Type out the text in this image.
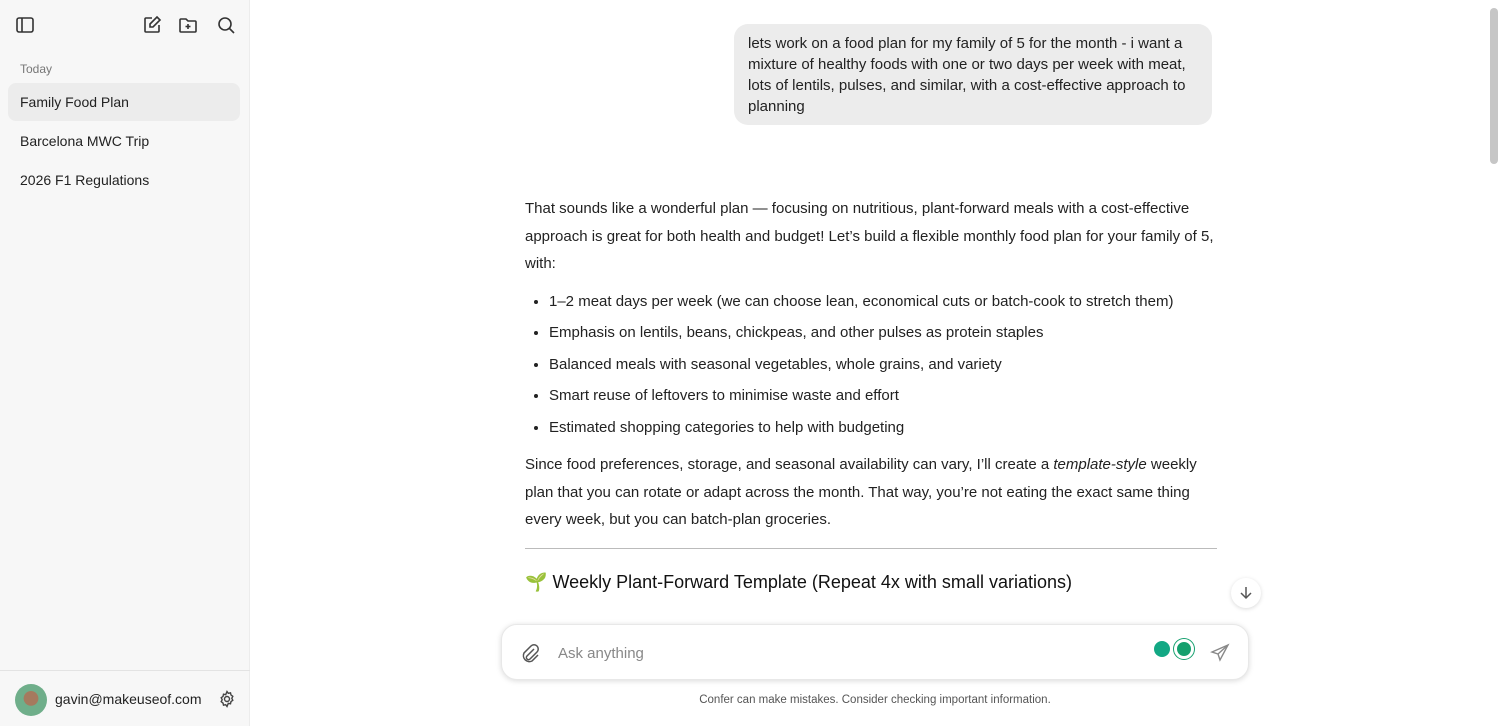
Today
Family Food Plan
Barcelona MWC Trip
2026 F1 Regulations
gavin@makeuseof.com
lets work on a food plan for my family of 5 for the month - i want a mixture of healthy foods with one or two days per week with meat, lots of lentils, pulses, and similar, with a cost-effective approach to planning

That sounds like a wonderful plan — focusing on nutritious, plant-forward meals with a cost-effective approach is great for both health and budget! Let’s build a flexible monthly food plan for your family of 5, with:

• 1–2 meat days per week (we can choose lean, economical cuts or batch-cook to stretch them)
• Emphasis on lentils, beans, chickpeas, and other pulses as protein staples
• Balanced meals with seasonal vegetables, whole grains, and variety
• Smart reuse of leftovers to minimise waste and effort
• Estimated shopping categories to help with budgeting

Since food preferences, storage, and seasonal availability can vary, I’ll create a template-style weekly plan that you can rotate or adapt across the month. That way, you’re not eating the exact same thing every week, but you can batch-plan groceries.

🌱 Weekly Plant-Forward Template (Repeat 4x with small variations)
Ask anything
Confer can make mistakes. Consider checking important information.
